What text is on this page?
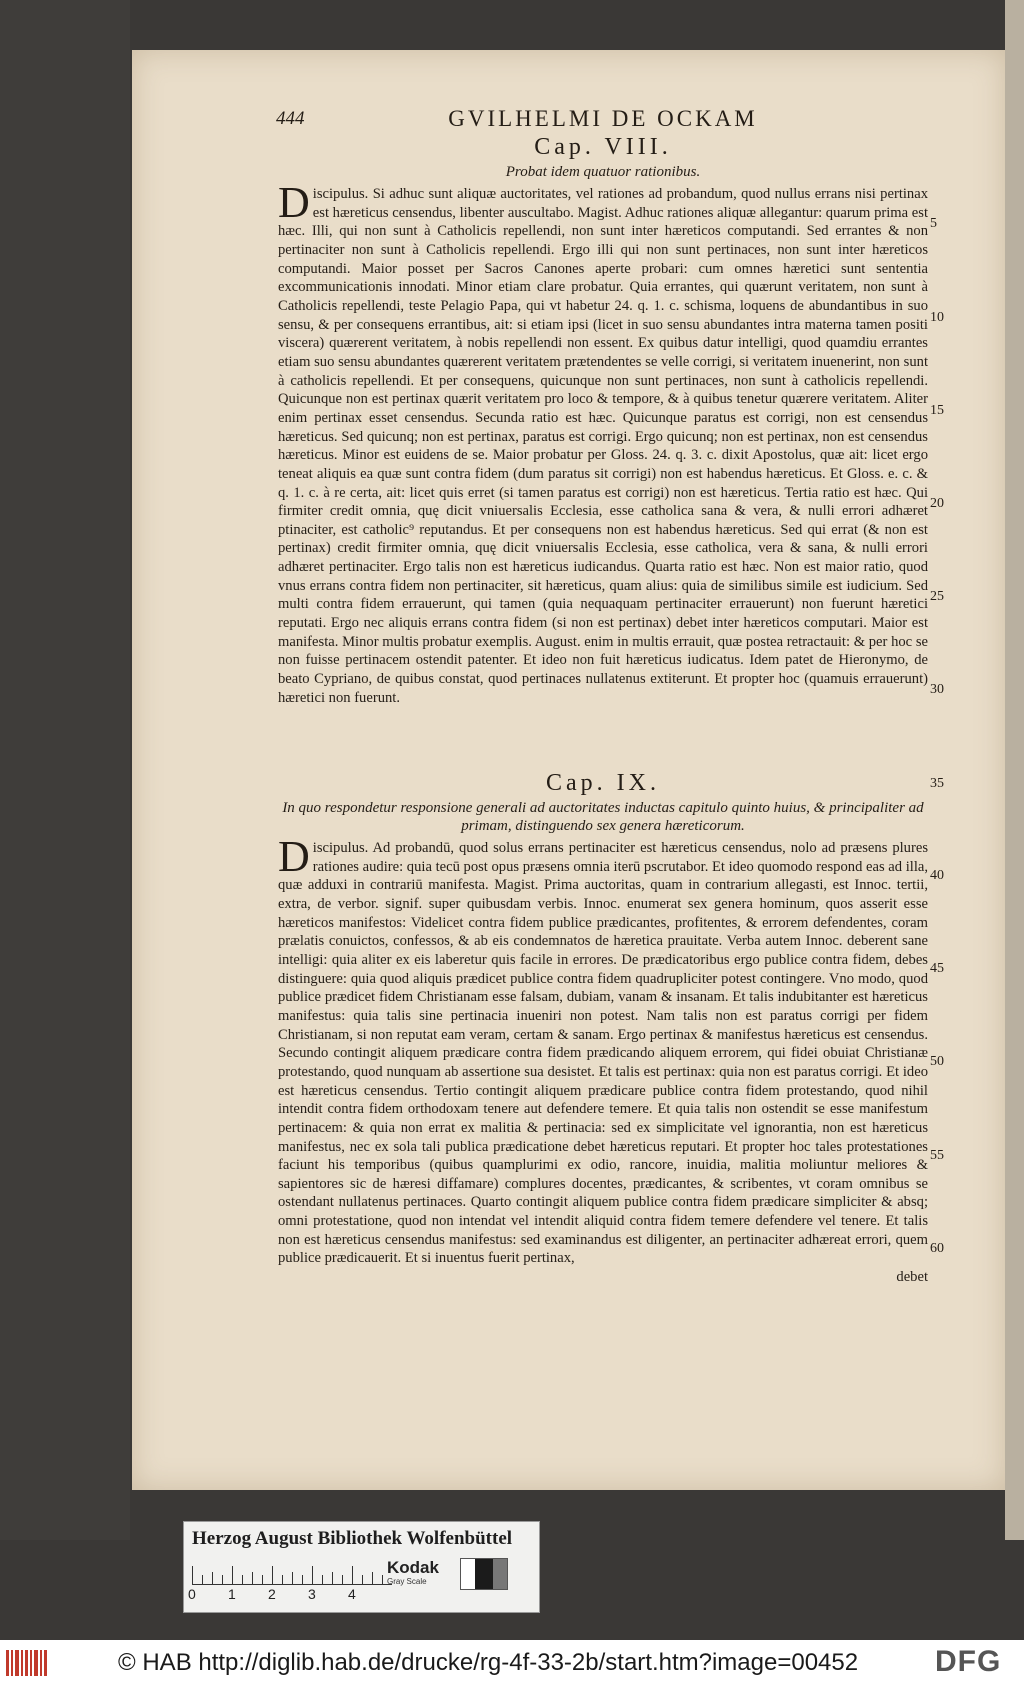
444	GVILHELMI DE OCKAM
Cap. VIII.
Probat idem quatuor rationibus.

Discipulus. Si adhuc sunt aliquæ auctoritates, vel rationes ad probandum, quod nullus errans nisi pertinax est hæreticus censendus, libenter auscultabo. Magist. Adhuc rationes aliquæ allegantur: quarum prima est hæc. Illi, qui non sunt à Catholicis repellendi, non sunt inter hæreticos computandi. Sed errantes & non pertinaciter non sunt à Catholicis repellendi. Ergo illi qui non sunt pertinaces, non sunt inter hæreticos computandi. Maior posset per Sacros Canones aperte probari: cum omnes hæretici sunt sententia excommunicationis innodati. Minor etiam clare probatur. Quia errantes, qui quærunt veritatem, non sunt à Catholicis repellendi, teste Pelagio Papa, qui vt habetur 24. q. 1. c. schisma, loquens de abundantibus in suo sensu, & per consequens errantibus, ait: si etiam ipsi (licet in suo sensu abundantes intra materna tamen positi viscera) quærerent veritatem, à nobis repellendi non essent. Ex quibus datur intelligi, quod quamdiu errantes etiam suo sensu abundantes quærerent veritatem prætendentes se velle corrigi, si veritatem inuenerint, non sunt à catholicis repellendi. Et per consequens, quicunque non sunt pertinaces, non sunt à catholicis repellendi. Quicunque non est pertinax quærit veritatem pro loco & tempore, & à quibus tenetur quærere veritatem. Aliter enim pertinax esset censendus. Secunda ratio est hæc. Quicunque paratus est corrigi, non est censendus hæreticus. Sed quicunq; non est pertinax, paratus est corrigi. Ergo quicunq; non est pertinax, non est censendus hæreticus. Minor est euidens de se. Maior probatur per Gloss. 24. q. 3. c. dixit Apostolus, quæ ait: licet ergo teneat aliquis ea quæ sunt contra fidem (dum paratus sit corrigi) non est habendus hæreticus. Et Gloss. e. c. & q. 1. c. à re certa, ait: licet quis erret (si tamen paratus est corrigi) non est hæreticus. Tertia ratio est hæc. Qui firmiter credit omnia, quę dicit vniuersalis Ecclesia, esse catholica sana & vera, & nulli errori adhæret ptinaciter, est catholic⁹ reputandus. Et per consequens non est habendus hæreticus. Sed qui errat (& non est pertinax) credit firmiter omnia, quę dicit vniuersalis Ecclesia, esse catholica, vera & sana, & nulli errori adhæret pertinaciter. Ergo talis non est hæreticus iudicandus. Quarta ratio est hæc. Non est maior ratio, quod vnus errans contra fidem non pertinaciter, sit hæreticus, quam alius: quia de similibus simile est iudicium. Sed multi contra fidem errauerunt, qui tamen (quia nequaquam pertinaciter errauerunt) non fuerunt hæretici reputati. Ergo nec aliquis errans contra fidem (si non est pertinax) debet inter hæreticos computari. Maior est manifesta. Minor multis probatur exemplis. August. enim in multis errauit, quæ postea retractauit: & per hoc se non fuisse pertinacem ostendit patenter. Et ideo non fuit hæreticus iudicatus. Idem patet de Hieronymo, de beato Cypriano, de quibus constat, quod pertinaces nullatenus extiterunt. Et propter hoc (quamuis errauerunt) hæretici non fuerunt.

Cap. IX.
In quo respondetur responsione generali ad auctoritates inductas capitulo quinto huius, & principaliter ad primam, distinguendo sex genera hæreticorum.

Discipulus. Ad probandū, quod solus errans pertinaciter est hæreticus censendus, nolo ad præsens plures rationes audire: quia tecū post opus præsens omnia iterū pscrutabor. Et ideo quomodo respond eas ad illa, quæ adduxi in contrariū manifesta. Magist. Prima auctoritas, quam in contrarium allegasti, est Innoc. tertii, extra, de verbor. signif. super quibusdam verbis. Innoc. enumerat sex genera hominum, quos asserit esse hæreticos manifestos: Videlicet contra fidem publice prædicantes, profitentes, & errorem defendentes, coram prælatis conuictos, confessos, & ab eis condemnatos de hæretica prauitate. Verba autem Innoc. deberent sane intelligi: quia aliter ex eis laberetur quis facile in errores. De prædicatoribus ergo publice contra fidem, debes distinguere: quia quod aliquis prædicet publice contra fidem quadrupliciter potest contingere. Vno modo, quod publice prædicet fidem Christianam esse falsam, dubiam, vanam & insanam. Et talis indubitanter est hæreticus manifestus: quia talis sine pertinacia inueniri non potest. Nam talis non est paratus corrigi per fidem Christianam, si non reputat eam veram, certam & sanam. Ergo pertinax & manifestus hæreticus est censendus. Secundo contingit aliquem prædicare contra fidem prædicando aliquem errorem, qui fidei obuiat Christianæ protestando, quod nunquam ab assertione sua desistet. Et talis est pertinax: quia non est paratus corrigi. Et ideo est hæreticus censendus. Tertio contingit aliquem prædicare publice contra fidem protestando, quod nihil intendit contra fidem orthodoxam tenere aut defendere temere. Et quia talis non ostendit se esse manifestum pertinacem: & quia non errat ex malitia & pertinacia: sed ex simplicitate vel ignorantia, non est hæreticus manifestus, nec ex sola tali publica prædicatione debet hæreticus reputari. Et propter hoc tales protestationes faciunt his temporibus (quibus quamplurimi ex odio, rancore, inuidia, malitia moliuntur meliores & sapientores sic de hæresi diffamare) complures docentes, prædicantes, & scribentes, vt coram omnibus se ostendant nullatenus pertinaces. Quarto contingit aliquem publice contra fidem prædicare simpliciter & absq; omni protestatione, quod non intendat vel intendit aliquid contra fidem temere defendere vel tenere. Et talis non est hæreticus censendus manifestus: sed examinandus est diligenter, an pertinaciter adhæreat errori, quem publice prædicauerit. Et si inuentus fuerit pertinax,

debet
5
10
15
20
25
30
35
40
45
50
55
60
Herzog August Bibliothek Wolfenbüttel
0 1 2 3 4
Kodak
Gray Scale
© HAB http://diglib.hab.de/drucke/rg-4f-33-2b/start.htm?image=00452	DFG
